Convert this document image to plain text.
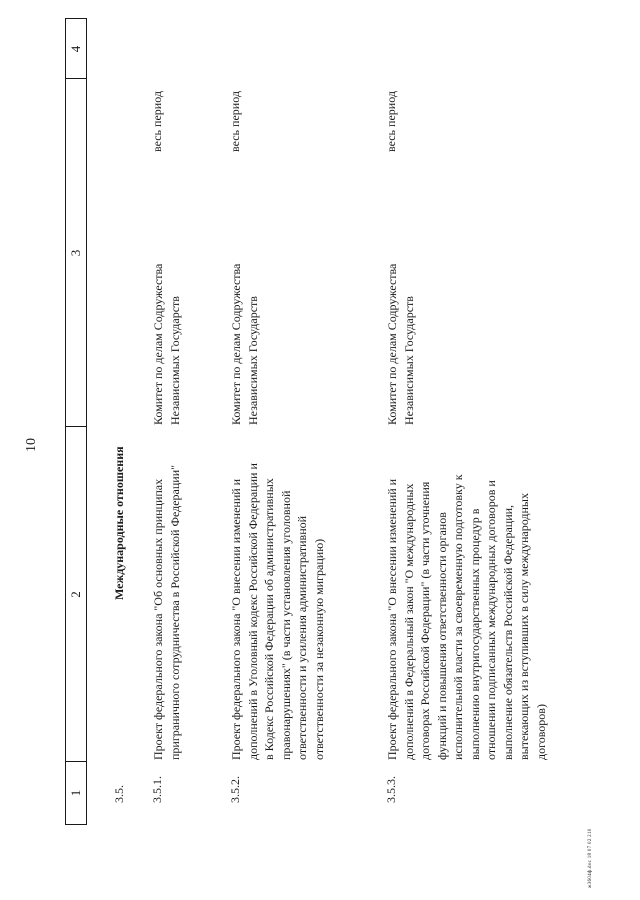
10
1
2
3
4
3.5.
Международные отношения
3.5.1.
Проект федерального закона "Об основных принципах приграничного сотрудничества в Российской Федерации"
Комитет по делам Содружества Независимых Государств
весь период
3.5.2.
Проект федерального закона "О внесении изменений и дополнений в Уголовный кодекс Российской Федерации и в Кодекс Российской Федерации об административных правонарушениях" (в части установления уголовной ответственности и усиления административной ответственности за незаконную миграцию)
Комитет по делам Содружества Независимых Государств
весь период
3.5.3.
Проект федерального закона "О внесении изменений и дополнений в Федеральный закон "О международных договорах Российской Федерации" (в части уточнения функций и повышения ответственности органов исполнительной власти за своевременную подготовку к выполнению внутригосударственных процедур в отношении подписанных международных договоров и выполнение обязательств Российской Федерации, вытекающих из вступивших в силу международных договоров)
Комитет по делам Содружества Независимых Государств
весь период
ж3604ф.doc 18 07 02 210
